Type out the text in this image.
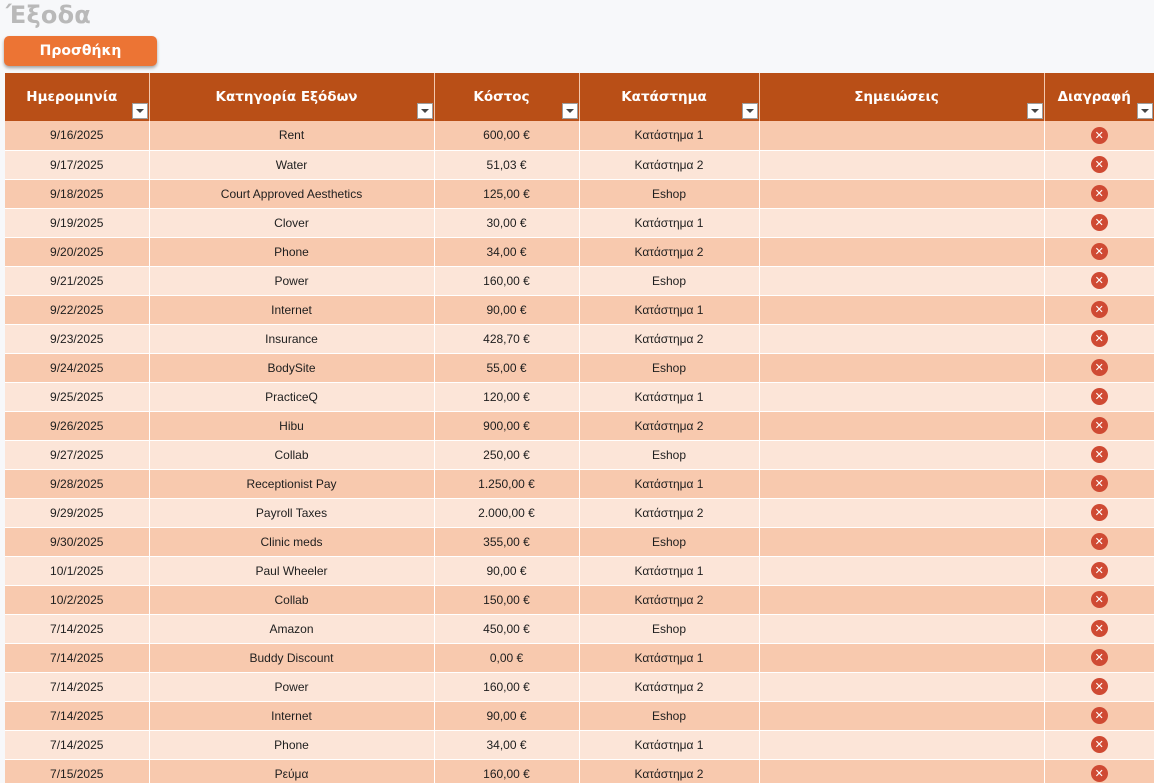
Έξοδα
Προσθήκη
Ημερομηνία	Κατηγορία Εξόδων	Κόστος	Κατάστημα	Σημειώσεις	Διαγραφή

9/16/2025	Rent	600,00 €	Κατάστημα 1		✕
9/17/2025	Water	51,03 €	Κατάστημα 2		✕
9/18/2025	Court Approved Aesthetics	125,00 €	Eshop		✕
9/19/2025	Clover	30,00 €	Κατάστημα 1		✕
9/20/2025	Phone	34,00 €	Κατάστημα 2		✕
9/21/2025	Power	160,00 €	Eshop		✕
9/22/2025	Internet	90,00 €	Κατάστημα 1		✕
9/23/2025	Insurance	428,70 €	Κατάστημα 2		✕
9/24/2025	BodySite	55,00 €	Eshop		✕
9/25/2025	PracticeQ	120,00 €	Κατάστημα 1		✕
9/26/2025	Hibu	900,00 €	Κατάστημα 2		✕
9/27/2025	Collab	250,00 €	Eshop		✕
9/28/2025	Receptionist Pay	1.250,00 €	Κατάστημα 1		✕
9/29/2025	Payroll Taxes	2.000,00 €	Κατάστημα 2		✕
9/30/2025	Clinic meds	355,00 €	Eshop		✕
10/1/2025	Paul Wheeler	90,00 €	Κατάστημα 1		✕
10/2/2025	Collab	150,00 €	Κατάστημα 2		✕
7/14/2025	Amazon	450,00 €	Eshop		✕
7/14/2025	Buddy Discount	0,00 €	Κατάστημα 1		✕
7/14/2025	Power	160,00 €	Κατάστημα 2		✕
7/14/2025	Internet	90,00 €	Eshop		✕
7/14/2025	Phone	34,00 €	Κατάστημα 1		✕
7/15/2025	Ρεύμα	160,00 €	Κατάστημα 2		✕
